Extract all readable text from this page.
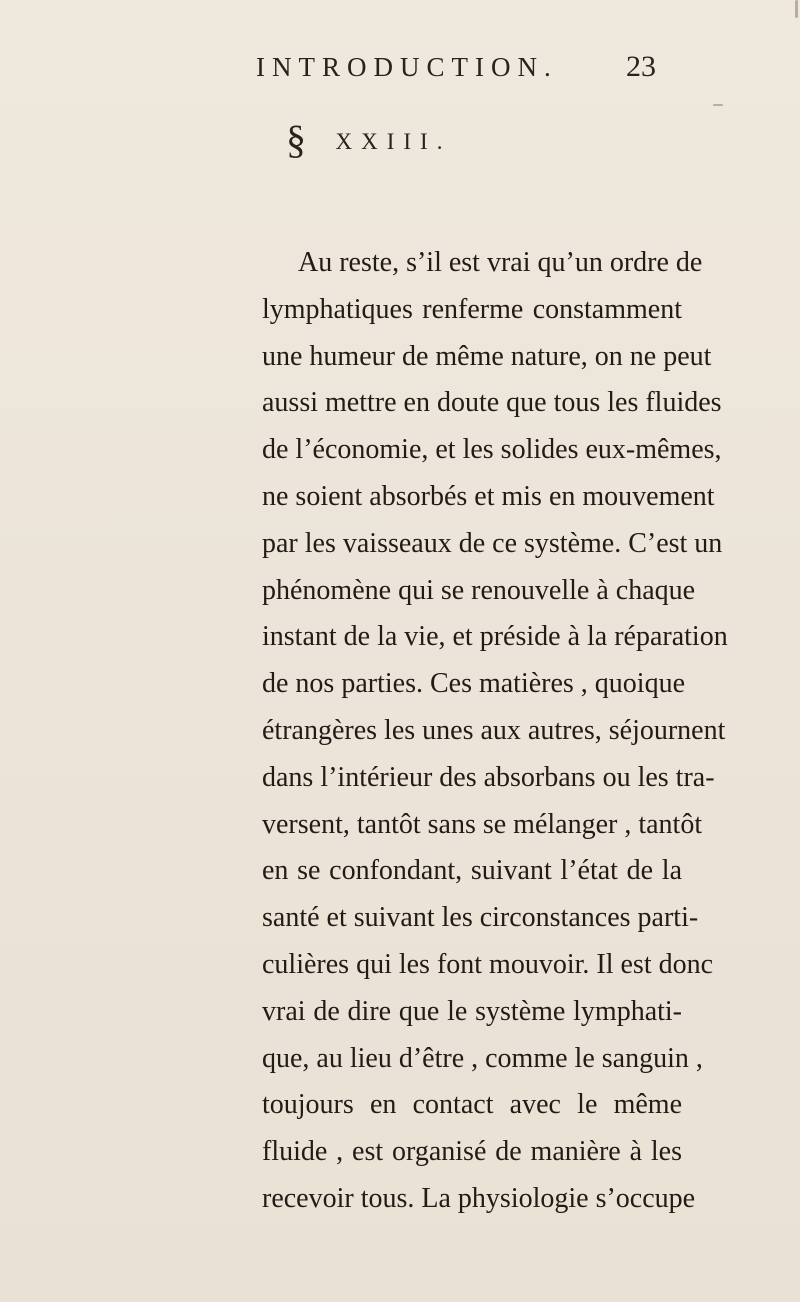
INTRODUCTION. 23
§ XXIII.
Au reste, s’il est vrai qu’un ordre de
lymphatiques renferme constamment
une humeur de même nature, on ne peut
aussi mettre en doute que tous les fluides
de l’économie, et les solides eux-mêmes,
ne soient absorbés et mis en mouvement
par les vaisseaux de ce système. C’est un
phénomène qui se renouvelle à chaque
instant de la vie, et préside à la réparation
de nos parties. Ces matières , quoique
étrangères les unes aux autres, séjournent
dans l’intérieur des absorbans ou les tra-
versent, tantôt sans se mélanger , tantôt
en se confondant, suivant l’état de la
santé et suivant les circonstances parti-
culières qui les font mouvoir. Il est donc
vrai de dire que le système lymphati-
que, au lieu d’être , comme le sanguin ,
toujours en contact avec le même
fluide , est organisé de manière à les
recevoir tous. La physiologie s’occupe
